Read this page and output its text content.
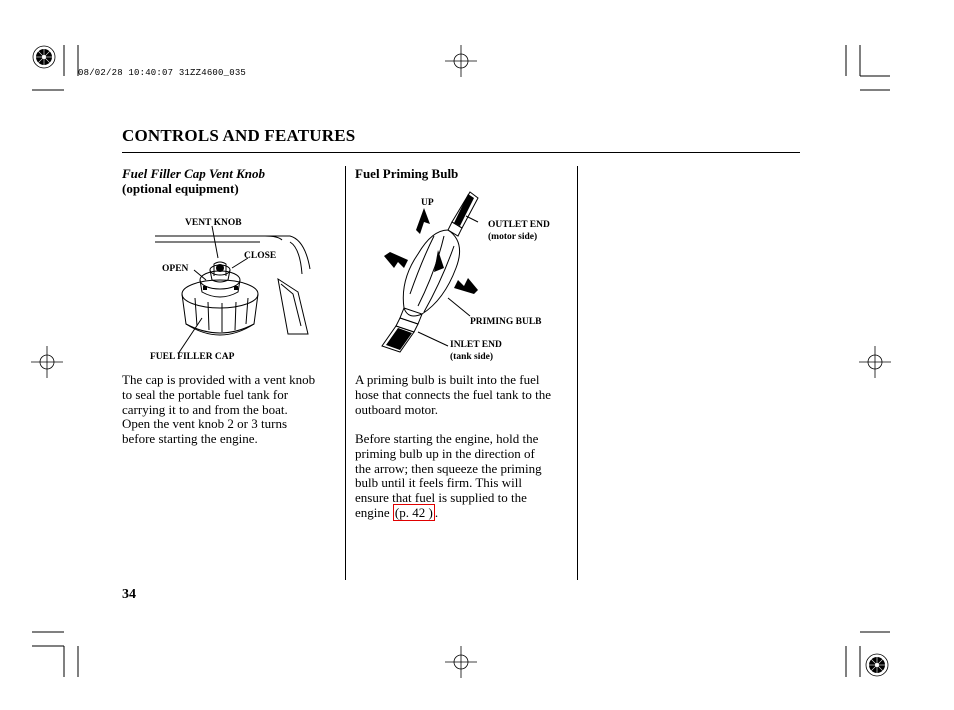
08/02/28 10:40:07 31ZZ4600_035
CONTROLS AND FEATURES
Fuel Filler Cap Vent Knob
(optional equipment)
VENT KNOB
CLOSE
OPEN
FUEL FILLER CAP
The cap is provided with a vent knob
to seal the portable fuel tank for
carrying it to and from the boat.
Open the vent knob 2 or 3 turns
before starting the engine.
Fuel Priming Bulb
UP
OUTLET END
(motor side)
PRIMING BULB
INLET END
(tank side)
A priming bulb is built into the fuel
hose that connects the fuel tank to the
outboard motor.
Before starting the engine, hold the
priming bulb up in the direction of
the arrow; then squeeze the priming
bulb until it feels firm. This will
ensure that fuel is supplied to the
engine (p. 42 ) .
34
